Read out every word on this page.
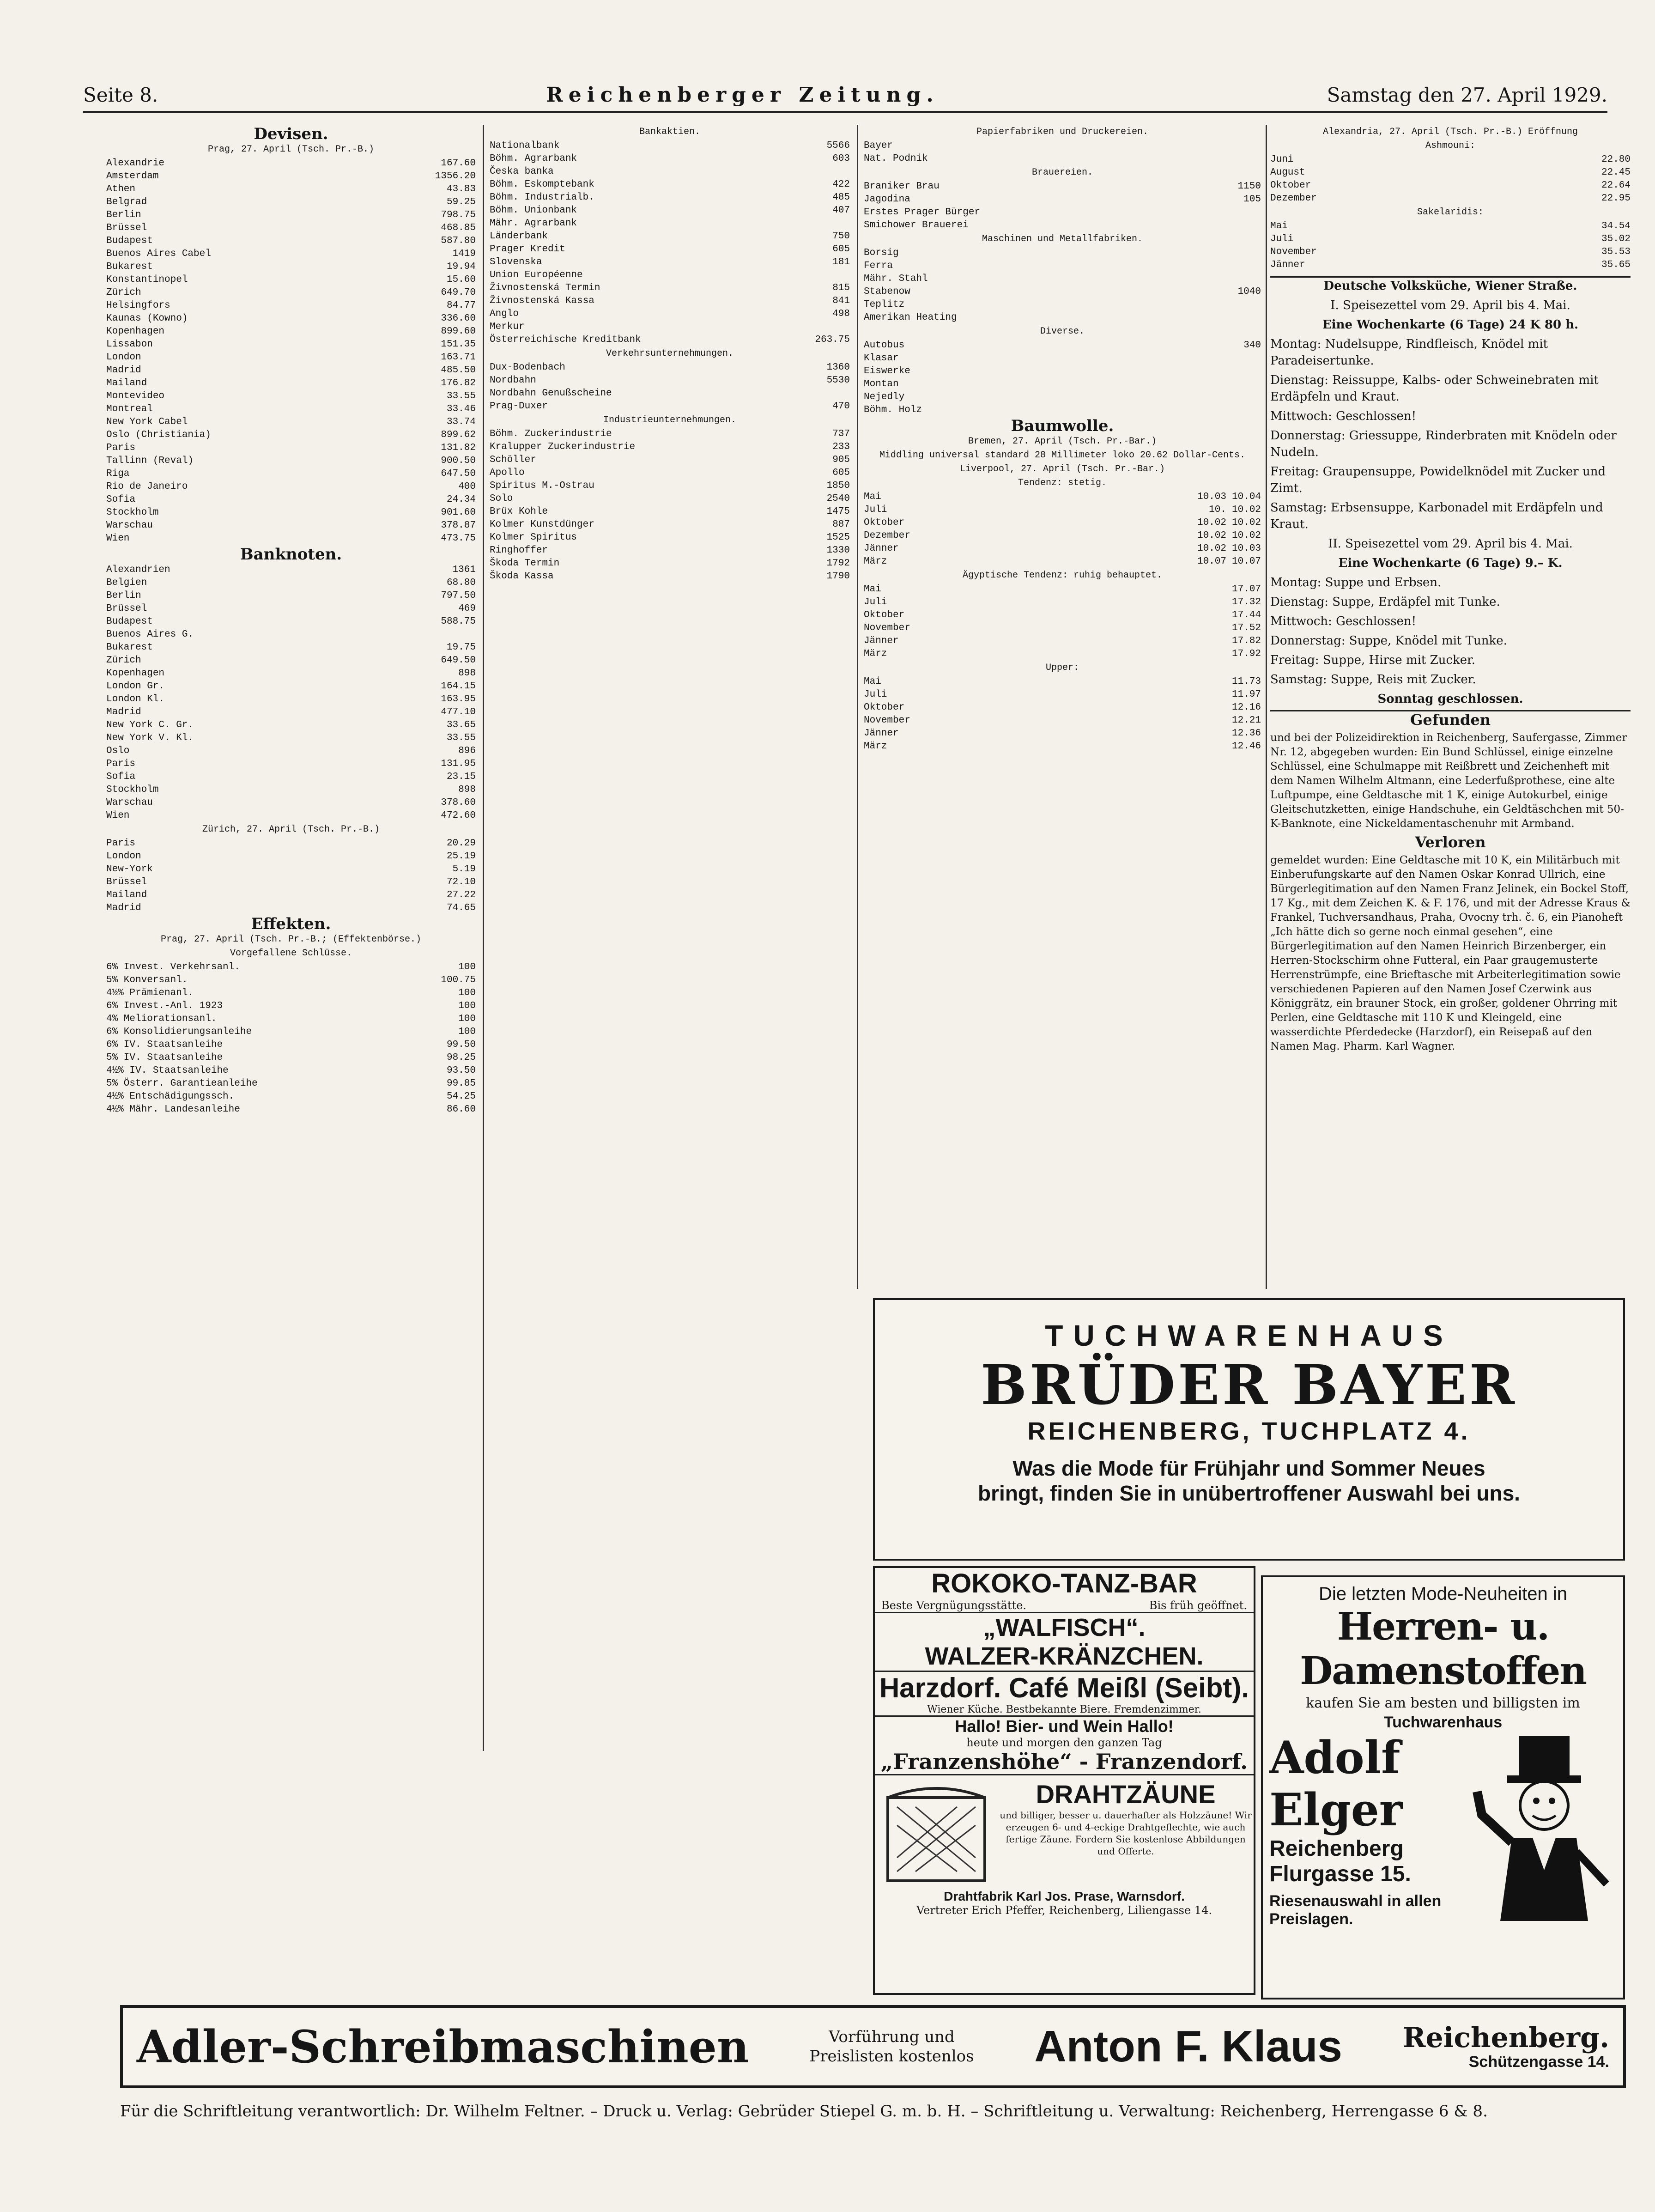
Seite 8.	Reichenberger Zeitung.	Samstag den 27. April 1929.
Devisen.
Prag, 27. April (Tsch. Pr.-B.)
Alexandrie	167.60
Amsterdam	1356.20
Athen	43.83
Belgrad	59.25
Berlin	798.75
Brüssel	468.85
Budapest	587.80
Buenos Aires Cabel	1419
Bukarest	19.94
Konstantinopel	15.60
Zürich	649.70
Helsingfors	84.77
Kaunas (Kowno)	336.60
Kopenhagen	899.60
Lissabon	151.35
London	163.71
Madrid	485.50
Mailand	176.82
Montevideo	33.55
Montreal	33.46
New York Cabel	33.74
Oslo (Christiania)	899.62
Paris	131.82
Tallinn (Reval)	900.50
Riga	647.50
Rio de Janeiro	400
Sofia	24.34
Stockholm	901.60
Warschau	378.87
Wien	473.75
Banknoten.
Alexandrien	1361
Belgien	68.80
Berlin	797.50
Brüssel	469
Budapest	588.75
Buenos Aires G.
Bukarest	19.75
Zürich	649.50
Kopenhagen	898
London Gr.	164.15
London Kl.	163.95
Madrid	477.10
New York C. Gr.	33.65
New York V. Kl.	33.55
Oslo	896
Paris	131.95
Sofia	23.15
Stockholm	898
Warschau	378.60
Wien	472.60
Zürich, 27. April (Tsch. Pr.-B.)
Paris	20.29
London	25.19
New-York	5.19
Brüssel	72.10
Mailand	27.22
Madrid	74.65
Effekten.
Prag, 27. April (Tsch. Pr.-B.; (Effektenbörse.)
Vorgefallene Schlüsse.
6% Invest. Verkehrsanl.	100
5% Konversanl.	100.75
4½% Prämienanl.	100
6% Invest.-Anl. 1923	100
4% Meliorationsanl.	100
6% Konsolidierungsanleihe	100
6% IV. Staatsanleihe	99.50
5% IV. Staatsanleihe	98.25
4½% IV. Staatsanleihe	93.50
5% Österr. Garantieanleihe	99.85
4½% Entschädigungssch.	54.25
4½% Mähr. Landesanleihe	86.60
Bankaktien.
Nationalbank	5566
Böhm. Agrarbank	603
Česka banka
Böhm. Eskomptebank	422
Böhm. Industrialb.	485
Böhm. Unionbank	407
Mähr. Agrarbank
Länderbank	750
Prager Kredit	605
Slovenska	181
Union Européenne
Živnostenská Termin	815
Živnostenská Kassa	841
Anglo	498
Merkur
Österreichische Kreditbank	263.75
Verkehrsunternehmungen.
Dux-Bodenbach	1360
Nordbahn	5530
Nordbahn Genußscheine
Prag-Duxer	470
Industrieunternehmungen.
Böhm. Zuckerindustrie	737
Kralupper Zuckerindustrie	233
Schöller	905
Apollo	605
Spiritus M.-Ostrau	1850
Solo	2540
Brüx Kohle	1475
Kolmer Kunstdünger	887
Kolmer Spiritus	1525
Ringhoffer	1330
Škoda Termin	1792
Škoda Kassa	1790
Papierfabriken und Druckereien.
Bayer
Nat. Podnik
Brauereien.
Braniker Brau	1150
Jagodina	105
Erstes Prager Bürger
Smichower Brauerei
Maschinen und Metallfabriken.
Borsig
Ferra
Mähr. Stahl
Stabenow	1040
Teplitz
Amerikan Heating
Diverse.
Autobus	340
Klasar
Eiswerke
Montan
Nejedly
Böhm. Holz
Baumwolle.
Bremen, 27. April (Tsch. Pr.-Bar.)
Middling universal standard 28 Millimeter loko 20.62 Dollar-Cents.
Liverpool, 27. April (Tsch. Pr.-Bar.)
Tendenz: stetig.
Mai	10.03 10.04
Juli	10. 10.02
Oktober	10.02 10.02
Dezember	10.02 10.02
Jänner	10.02 10.03
März	10.07 10.07
Ägyptische Tendenz: ruhig behauptet.
Mai	17.07
Juli	17.32
Oktober	17.44
November	17.52
Jänner	17.82
März	17.92
Upper:
Mai	11.73
Juli	11.97
Oktober	12.16
November	12.21
Jänner	12.36
März	12.46
Alexandria, 27. April (Tsch. Pr.-B.) Eröffnung
Ashmouni:
Juni	22.80
August	22.45
Oktober	22.64
Dezember	22.95
Sakelaridis:
Mai	34.54
Juli	35.02
November	35.53
Jänner	35.65
Deutsche Volksküche, Wiener Straße.
I. Speisezettel vom 29. April bis 4. Mai.
Eine Wochenkarte (6 Tage) 24 K 80 h.
Montag: Nudelsuppe, Rindfleisch, Knödel mit Paradeisertunke.
Dienstag: Reissuppe, Kalbs- oder Schweinebraten mit Erdäpfeln und Kraut.
Mittwoch: Geschlossen!
Donnerstag: Griessuppe, Rinderbraten mit Knödeln oder Nudeln.
Freitag: Graupensuppe, Powidelknödel mit Zucker und Zimt.
Samstag: Erbsensuppe, Karbonadel mit Erdäpfeln und Kraut.
II. Speisezettel vom 29. April bis 4. Mai.
Eine Wochenkarte (6 Tage) 9.– K.
Montag: Suppe und Erbsen.
Dienstag: Suppe, Erdäpfel mit Tunke.
Mittwoch: Geschlossen!
Donnerstag: Suppe, Knödel mit Tunke.
Freitag: Suppe, Hirse mit Zucker.
Samstag: Suppe, Reis mit Zucker.
Sonntag geschlossen.
Gefunden
und bei der Polizeidirektion in Reichenberg, Saufergasse, Zimmer Nr. 12, abgegeben wurden: Ein Bund Schlüssel, einige einzelne Schlüssel, eine Schulmappe mit Reißbrett und Zeichenheft mit dem Namen Wilhelm Altmann, eine Lederfußprothese, eine alte Luftpumpe, eine Geldtasche mit 1 K, einige Autokurbel, einige Gleitschutzketten, einige Handschuhe, ein Geldtäschchen mit 50-K-Banknote, eine Nickeldamentaschenuhr mit Armband.
Verloren
gemeldet wurden: Eine Geldtasche mit 10 K, ein Militärbuch mit Einberufungskarte auf den Namen Oskar Konrad Ullrich, eine Bürgerlegitimation auf den Namen Franz Jelinek, ein Bockel Stoff, 17 Kg., mit dem Zeichen K. & F. 176, und mit der Adresse Kraus & Frankel, Tuchversandhaus, Praha, Ovocny trh. č. 6, ein Pianoheft „Ich hätte dich so gerne noch einmal gesehen“, eine Bürgerlegitimation auf den Namen Heinrich Birzenberger, ein Herren-Stockschirm ohne Futteral, ein Paar graugemusterte Herrenstrümpfe, eine Brieftasche mit Arbeiterlegitimation sowie verschiedenen Papieren auf den Namen Josef Czerwink aus Königgrätz, ein brauner Stock, ein großer, goldener Ohrring mit Perlen, eine Geldtasche mit 110 K und Kleingeld, eine wasserdichte Pferdedecke (Harzdorf), ein Reisepaß auf den Namen Mag. Pharm. Karl Wagner.
TUCHWARENHAUS
BRÜDER BAYER
REICHENBERG, TUCHPLATZ 4.
Was die Mode für Frühjahr und Sommer Neues
bringt, finden Sie in unübertroffener Auswahl bei uns.
ROKOKO-TANZ-BAR
Beste Vergnügungsstätte.	Bis früh geöffnet.
„WALFISCH“.
WALZER-KRÄNZCHEN.
Harzdorf. Café Meißl (Seibt).
Wiener Küche. Bestbekannte Biere. Fremdenzimmer.
Hallo! Bier- und Wein Hallo!
heute und morgen den ganzen Tag
„Franzenshöhe“ - Franzendorf.
DRAHTZÄUNE
und billiger, besser u. dauerhafter als Holzzäune! Wir erzeugen 6- und 4-eckige Drahtgeflechte, wie auch fertige Zäune. Fordern Sie kostenlose Abbildungen und Offerte.
Drahtfabrik Karl Jos. Prase, Warnsdorf.
Vertreter Erich Pfeffer, Reichenberg, Liliengasse 14.
Die letzten Mode-Neuheiten in
Herren- u. Damenstoffen
kaufen Sie am besten und billigsten im
Tuchwarenhaus
Adolf Elger
Reichenberg
Flurgasse 15.
Riesenauswahl in allen Preislagen.
Adler-Schreibmaschinen	Vorführung und
Preislisten kostenlos Anton F. Klaus Reichenberg.
Schützengasse 14.
Für die Schriftleitung verantwortlich: Dr. Wilhelm Feltner. – Druck u. Verlag: Gebrüder Stiepel G. m. b. H. – Schriftleitung u. Verwaltung: Reichenberg, Herrengasse 6 & 8.
